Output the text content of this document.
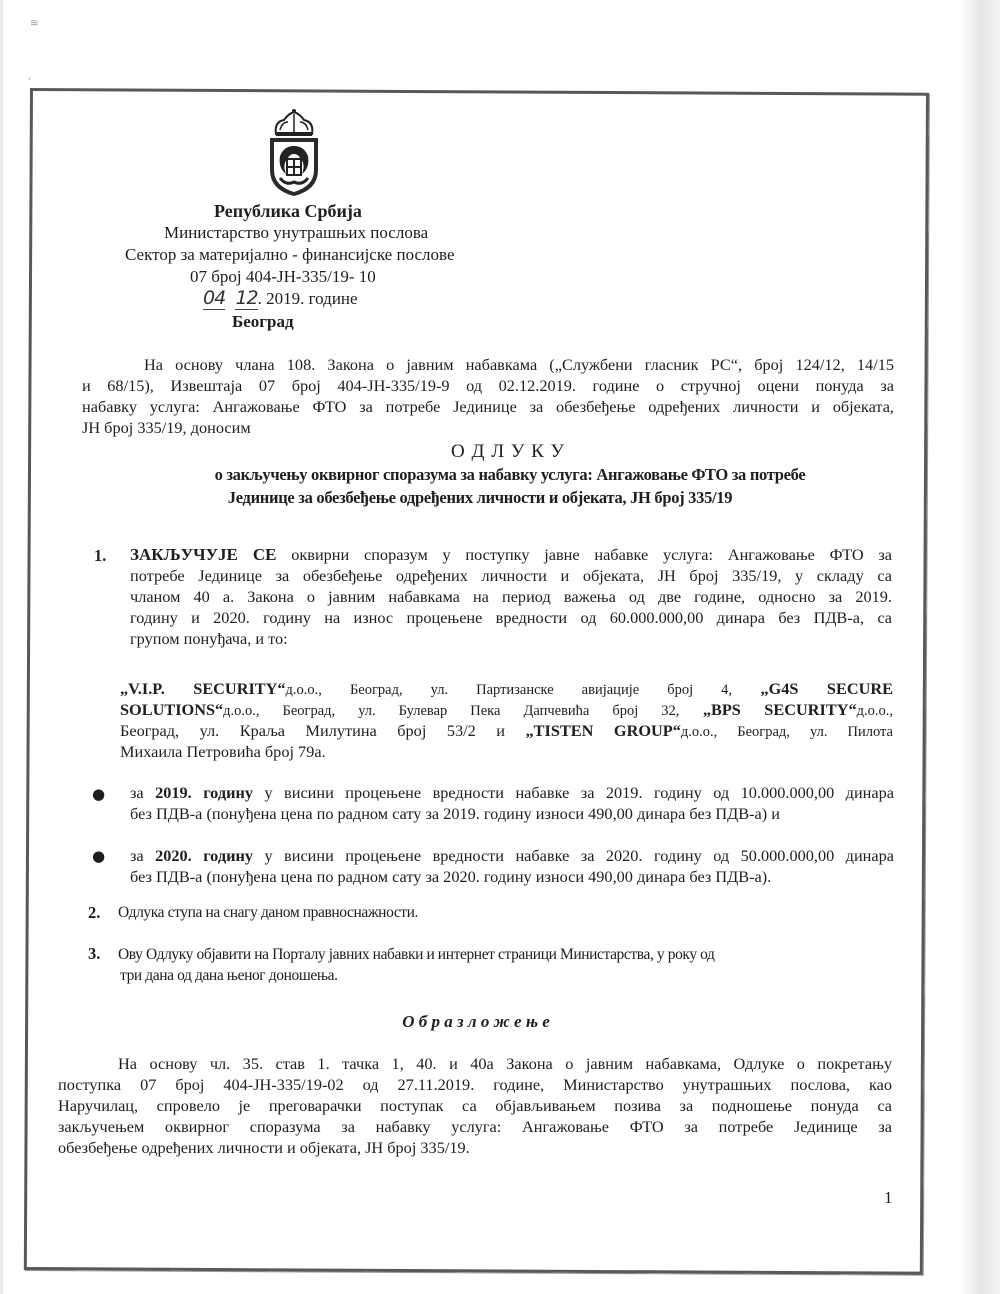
≋
‹
Република Србија
Министарство унутрашњих послова
Сектор за материјално - финансијске послове
07 број 404-ЈН-335/19- 10
04 12. 2019. године
Београд
На основу члана 108. Закона о јавним набавкама („Службени гласник РС“, број 124/12, 14/15
и 68/15), Извештаја 07 број 404-ЈН-335/19-9 од 02.12.2019. године о стручној оцени понуда за
набавку услуга: Ангажовање ФТО за потребе Јединице за обезбеђење одређених личности и објеката,
ЈН број 335/19, доносим
О Д Л У К У
о закључењу оквирног споразума за набавку услуга: Ангажовање ФТО за потребе
Јединице за обезбеђење одређених личности и објеката, ЈН број 335/19
1. ЗАКЉУЧУЈЕ СЕ оквирни споразум у поступку јавне набавке услуга: Ангажовање ФТО за
потребе Јединице за обезбеђење одређених личности и објеката, ЈН број 335/19, у складу са
чланом 40 а. Закона о јавним набавкама на период важења од две године, односно за 2019.
годину и 2020. годину на износ процењене вредности од 60.000.000,00 динара без ПДВ-а, са
групом понуђача, и то:
„V.I.P. SECURITY“д.о.о., Београд, ул. Партизанске авијације број 4, „G4S SECURE
SOLUTIONS“д.о.о., Београд, ул. Булевар Пека Дапчевића број 32, „BPS SECURITY“д.о.о.,
Београд, ул. Краља Милутина број 53/2 и „TISTEN GROUP“д.о.о., Београд, ул. Пилота
Михаила Петровића број 79а.
● за 2019. годину у висини процењене вредности набавке за 2019. годину од 10.000.000,00 динара
без ПДВ-а (понуђена цена по радном сату за 2019. годину износи 490,00 динара без ПДВ-а) и
● за 2020. годину у висини процењене вредности набавке за 2020. годину од 50.000.000,00 динара
без ПДВ-а (понуђена цена по радном сату за 2020. годину износи 490,00 динара без ПДВ-а).
2. Одлука ступа на снагу даном правноснажности.
3. Ову Одлуку објавити на Порталу јавних набавки и интернет страници Министарства, у року од
три дана од дана њеног доношења.
О б р а з л о ж е њ е
На основу чл. 35. став 1. тачка 1, 40. и 40а Закона о јавним набавкама, Одлуке о покретању
поступка 07 број 404-ЈН-335/19-02 од 27.11.2019. године, Министарство унутрашњих послова, као
Наручилац, спровело је преговарачки поступак са објављивањем позива за подношење понуда са
закључењем оквирног споразума за набавку услуга: Ангажовање ФТО за потребе Јединице за
обезбеђење одређених личности и објеката, ЈН број 335/19.
1
